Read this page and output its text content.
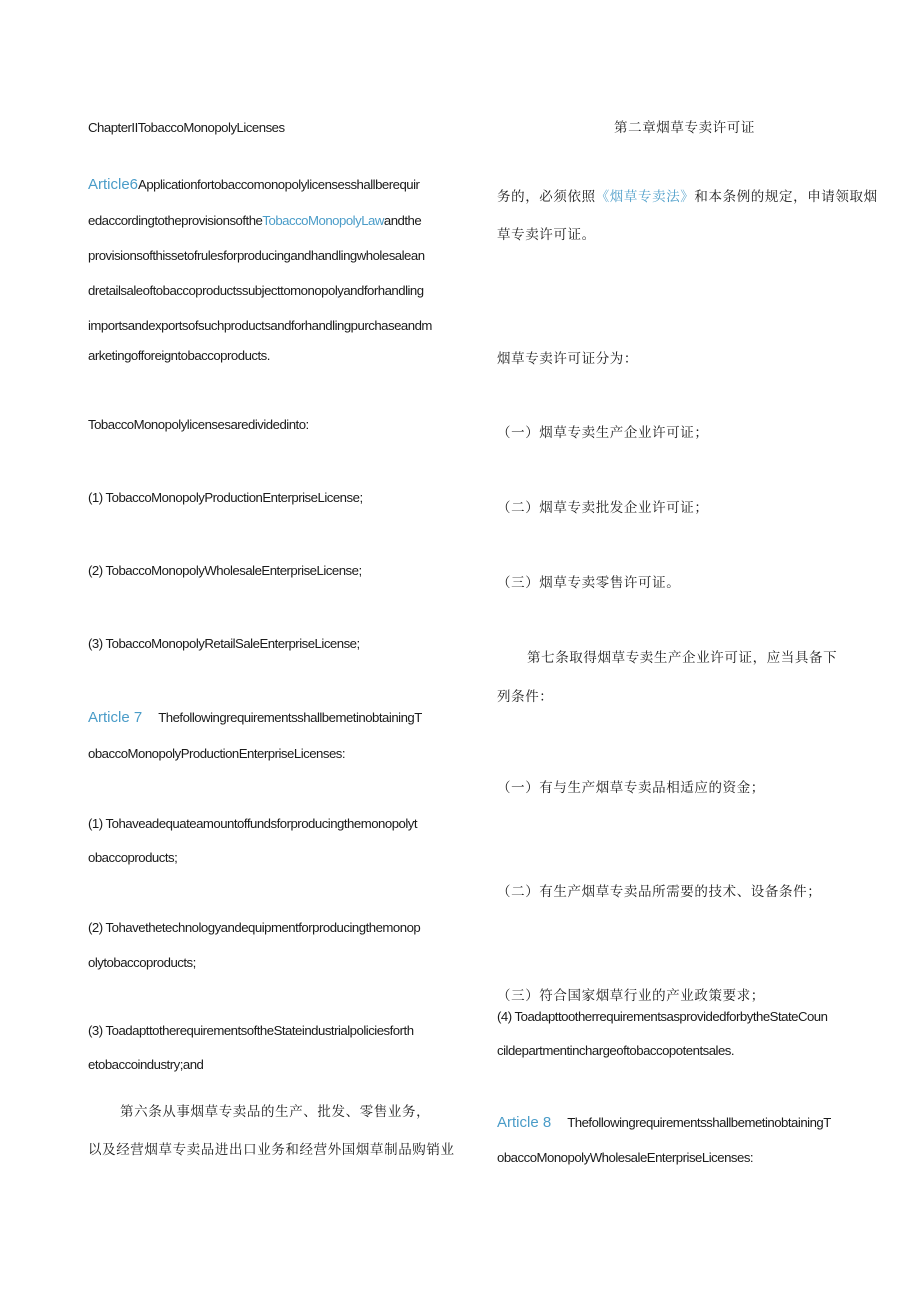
ChapterIITobaccoMonopolyLicenses

Article6Applicationfortobaccomonopolylicensesshallberequir

edaccordingtotheprovisionsoftheTobaccoMonopolyLawandthe

provisionsofthissetofrulesforproducingandhandlingwholesalean

dretailsaleoftobaccoproductssubjecttomonopolyandforhandling

importsandexportsofsuchproductsandforhandlingpurchaseandm

arketingofforeigntobaccoproducts.

TobaccoMonopolylicensesaredividedinto:

(1) TobaccoMonopolyProductionEnterpriseLicense;

(2) TobaccoMonopolyWholesaleEnterpriseLicense;

(3) TobaccoMonopolyRetailSaleEnterpriseLicense;

Article 7 ThefollowingrequirementsshallbemetinobtainingT

obaccoMonopolyProductionEnterpriseLicenses:

(1) Tohaveadequateamountoffundsforproducingthemonopolyt

obaccoproducts;

(2) Tohavethetechnologyandequipmentforproducingthemonop

olytobaccoproducts;

(3) ToadapttotherequirementsoftheStateindustrialpoliciesforth

etobaccoindustry;and

第六条从事烟草专卖品的生产、批发、零售业务，

以及经营烟草专卖品进出口业务和经营外国烟草制品购销业

第二章烟草专卖许可证

务的，必须依照《烟草专卖法》和本条例的规定，申请领取烟

草专卖许可证。

烟草专卖许可证分为：

（一）烟草专卖生产企业许可证；

（二）烟草专卖批发企业许可证；

（三）烟草专卖零售许可证。

第七条取得烟草专卖生产企业许可证，应当具备下

列条件：

（一）有与生产烟草专卖品相适应的资金；

（二）有生产烟草专卖品所需要的技术、设备条件；

（三）符合国家烟草行业的产业政策要求；

(4) ToadapttootherrequirementsasprovidedforbytheStateCoun

cildepartmentinchargeoftobaccopotentsales.

Article 8 ThefollowingrequirementsshallbemetinobtainingT

obaccoMonopolyWholesaleEnterpriseLicenses:
